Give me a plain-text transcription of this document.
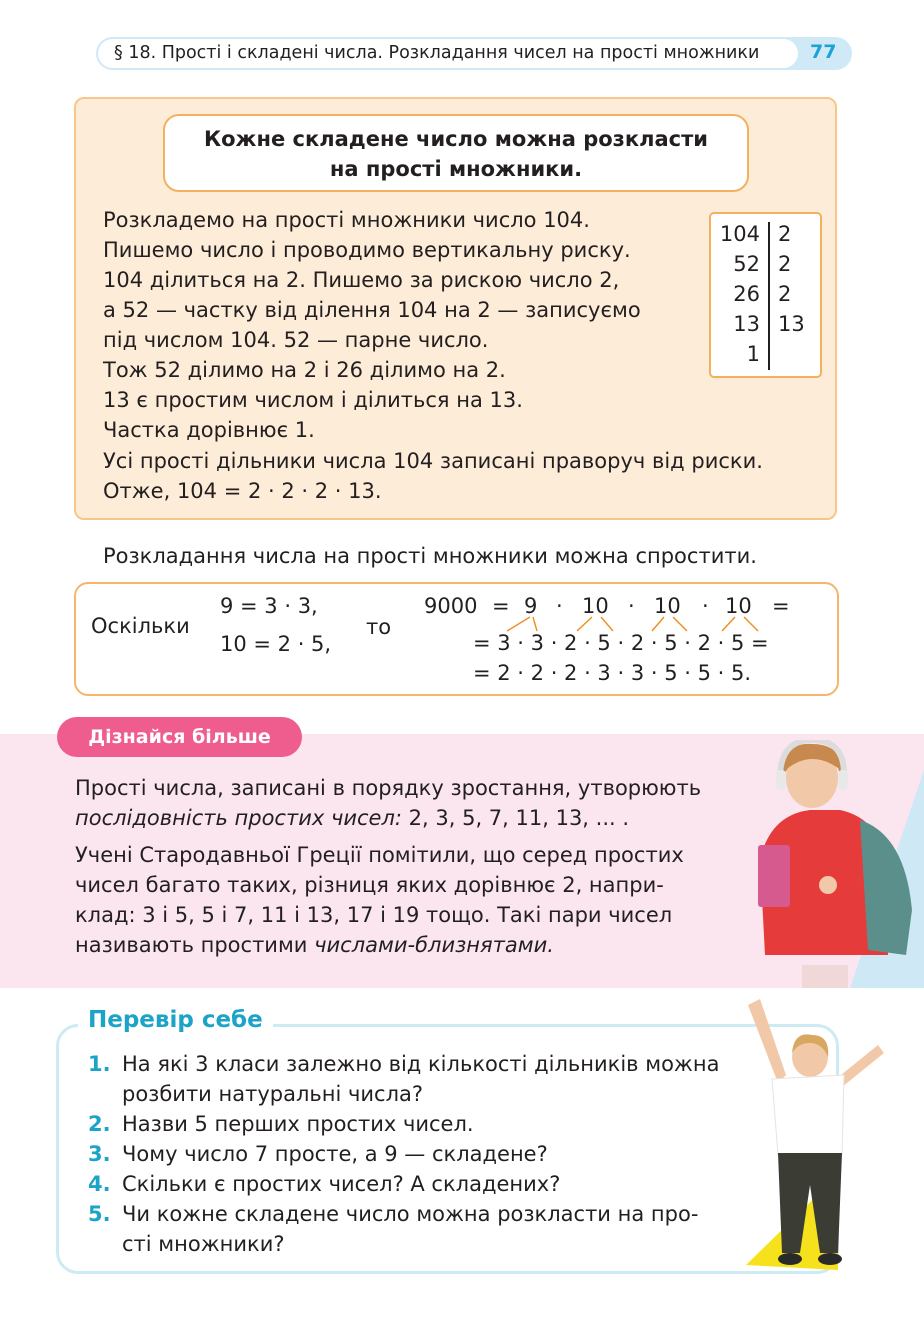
§ 18. Прості і складені числа. Розкладання чисел на прості множники	77
Кожне складене число можна розкласти
на прості множники.
Розкладемо на прості множники число 104.
Пишемо число і проводимо вертикальну риску.
104 ділиться на 2. Пишемо за рискою число 2,
а 52 — частку від ділення 104 на 2 — записуємо
під числом 104. 52 — парне число.
Тож 52 ділимо на 2 і 26 ділимо на 2.
13 є простим числом і ділиться на 13.
Частка дорівнює 1.
Усі прості дільники числа 104 записані праворуч від риски.
Отже, 104 = 2 · 2 · 2 · 13.
104
52
26
13
1
2
2
2
13
Розкладання числа на прості множники можна спростити.
Оскільки
9 = 3 · 3,
10 = 2 · 5,
то
9000 = 9 · 10 · 10 · 10 =
= 3 · 3 · 2 · 5 · 2 · 5 · 2 · 5 =
= 2 · 2 · 2 · 3 · 3 · 5 · 5 · 5.
Дізнайся більше
Прості числа, записані в порядку зростання, утворюють
послідовність простих чисел: 2, 3, 5, 7, 11, 13, ... .
Учені Стародавньої Греції помітили, що серед простих
чисел багато таких, різниця яких дорівнює 2, напри-
клад: 3 і 5, 5 і 7, 11 і 13, 17 і 19 тощо. Такі пари чисел
називають простими числами-близнятами.
Перевір себе
1. На які 3 класи залежно від кількості дільників можна
розбити натуральні числа?
2. Назви 5 перших простих чисел.
3. Чому число 7 просте, а 9 — складене?
4. Скільки є простих чисел? А складених?
5. Чи кожне складене число можна розкласти на про-
сті множники?
